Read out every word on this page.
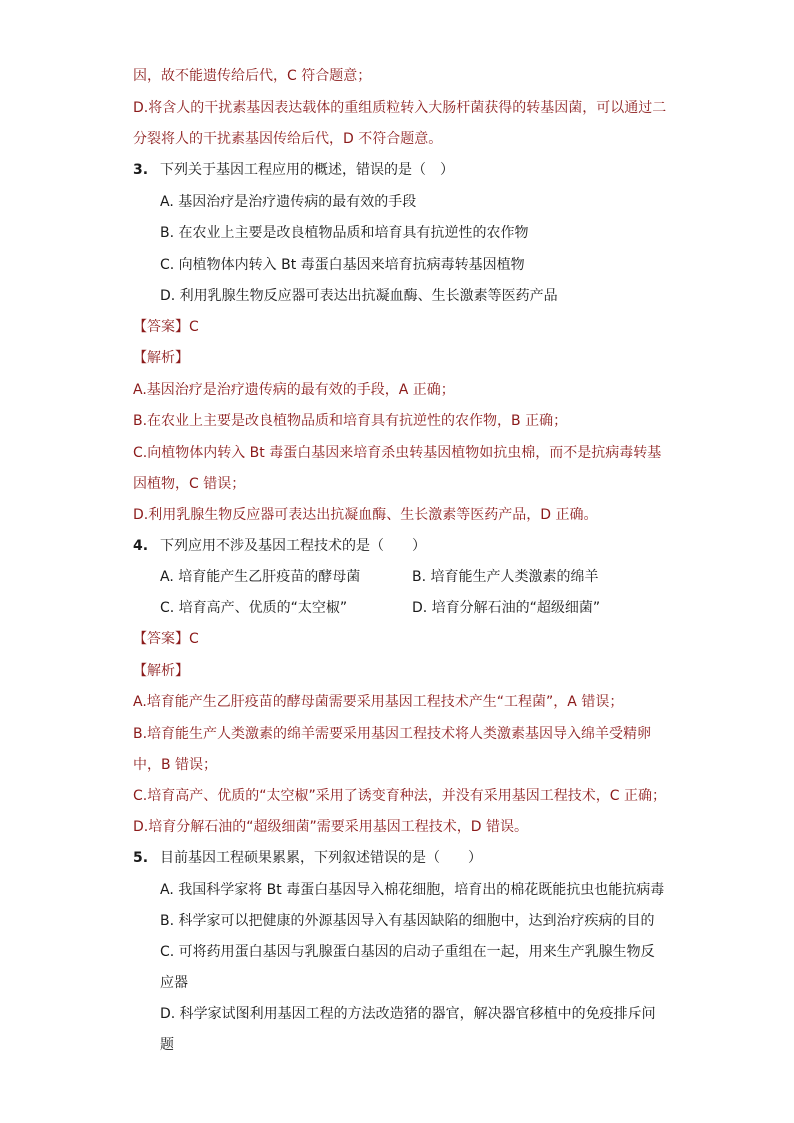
因，故不能遗传给后代，C 符合题意；
D.将含人的干扰素基因表达载体的重组质粒转入大肠杆菌获得的转基因菌，可以通过二
分裂将人的干扰素基因传给后代，D 不符合题意。
3. 下列关于基因工程应用的概述，错误的是（　）
A. 基因治疗是治疗遗传病的最有效的手段
B. 在农业上主要是改良植物品质和培育具有抗逆性的农作物
C. 向植物体内转入 Bt 毒蛋白基因来培育抗病毒转基因植物
D. 利用乳腺生物反应器可表达出抗凝血酶、生长激素等医药产品
【答案】C
【解析】
A.基因治疗是治疗遗传病的最有效的手段，A 正确；
B.在农业上主要是改良植物品质和培育具有抗逆性的农作物，B 正确；
C.向植物体内转入 Bt 毒蛋白基因来培育杀虫转基因植物如抗虫棉，而不是抗病毒转基
因植物，C 错误；
D.利用乳腺生物反应器可表达出抗凝血酶、生长激素等医药产品，D 正确。
4. 下列应用不涉及基因工程技术的是（　　）
A. 培育能产生乙肝疫苗的酵母菌	B. 培育能生产人类激素的绵羊
C. 培育高产、优质的“太空椒”	D. 培育分解石油的“超级细菌”
【答案】C
【解析】
A.培育能产生乙肝疫苗的酵母菌需要采用基因工程技术产生“工程菌”，A 错误；
B.培育能生产人类激素的绵羊需要采用基因工程技术将人类激素基因导入绵羊受精卵
中，B 错误；
C.培育高产、优质的“太空椒”采用了诱变育种法，并没有采用基因工程技术，C 正确；
D.培育分解石油的“超级细菌”需要采用基因工程技术，D 错误。
5. 目前基因工程硕果累累，下列叙述错误的是（　　）
A. 我国科学家将 Bt 毒蛋白基因导入棉花细胞，培育出的棉花既能抗虫也能抗病毒
B. 科学家可以把健康的外源基因导入有基因缺陷的细胞中，达到治疗疾病的目的
C. 可将药用蛋白基因与乳腺蛋白基因的启动子重组在一起，用来生产乳腺生物反
应器
D. 科学家试图利用基因工程的方法改造猪的器官，解决器官移植中的免疫排斥问
题
